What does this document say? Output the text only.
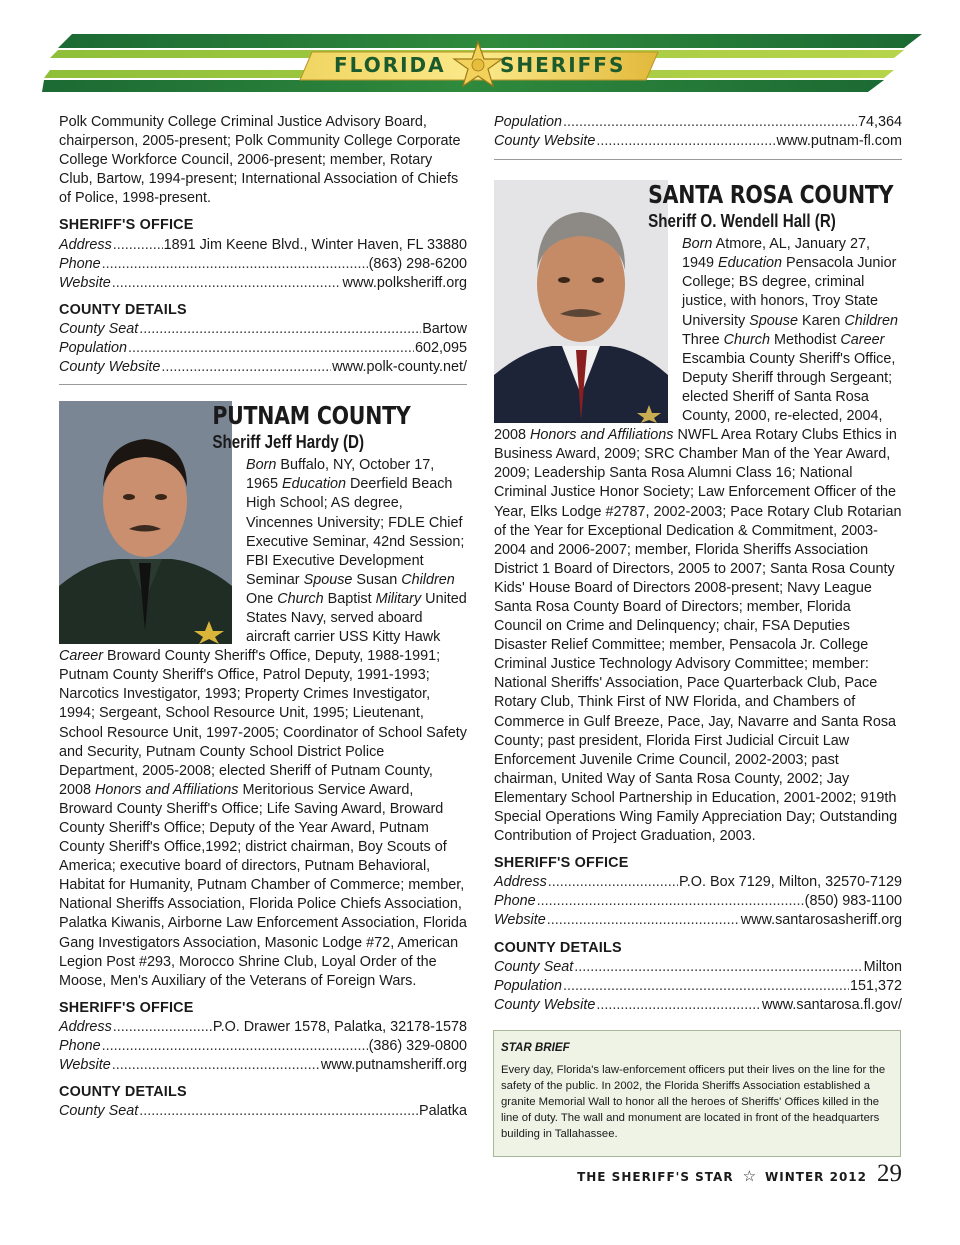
FLORIDA	SHERIFFS

Polk Community College Criminal Justice Advisory Board, chairperson, 2005-present; Polk Community College Corporate College Workforce Council, 2006-present; member, Rotary Club, Bartow, 1994-present; International Association of Chiefs of Police, 1998-present.

SHERIFF'S OFFICE
Address .....	1891 Jim Keene Blvd., Winter Haven, FL 33880
Phone .....	(863) 298-6200
Website .....	www.polksheriff.org
COUNTY DETAILS
County Seat .....	Bartow
Population .....	602,095
County Website .....	www.polk-county.net/
PUTNAM COUNTY
Sheriff Jeff Hardy (D)

Born Buffalo, NY, October 17, 1965 Education Deerfield Beach High School; AS degree, Vincennes University; FDLE Chief Executive Seminar, 42nd Session; FBI Executive Development Seminar Spouse Susan Children One Church Baptist Military United States Navy, served aboard aircraft carrier USS Kitty Hawk Career Broward County Sheriff's Office, Deputy, 1988-1991; Putnam County Sheriff's Office, Patrol Deputy, 1991-1993; Narcotics Investigator, 1993; Property Crimes Investigator, 1994; Sergeant, School Resource Unit, 1995; Lieutenant, School Resource Unit, 1997-2005; Coordinator of School Safety and Security, Putnam County School District Police Department, 2005-2008; elected Sheriff of Putnam County, 2008 Honors and Affiliations Meritorious Service Award, Broward County Sheriff's Office; Life Saving Award, Broward County Sheriff's Office; Deputy of the Year Award, Putnam County Sheriff's Office,1992; district chairman, Boy Scouts of America; executive board of directors, Putnam Behavioral, Habitat for Humanity, Putnam Chamber of Commerce; member, National Sheriffs Association, Florida Police Chiefs Association, Palatka Kiwanis, Airborne Law Enforcement Association, Florida Gang Investigators Association, Masonic Lodge #72, American Legion Post #293, Morocco Shrine Club, Loyal Order of the Moose, Men's Auxiliary of the Veterans of Foreign Wars.

SHERIFF'S OFFICE
Address .....	P.O. Drawer 1578, Palatka, 32178-1578
Phone .....	(386) 329-0800
Website .....	www.putnamsheriff.org
COUNTY DETAILS
County Seat .....	Palatka
Population .....	74,364
County Website .....	www.putnam-fl.com
SANTA ROSA COUNTY
Sheriff O. Wendell Hall (R)

Born Atmore, AL, January 27, 1949 Education Pensacola Junior College; BS degree, criminal justice, with honors, Troy State University Spouse Karen Children Three Church Methodist Career Escambia County Sheriff's Office, Deputy Sheriff through Sergeant; elected Sheriff of Santa Rosa County, 2000, re-elected, 2004, 2008 Honors and Affiliations NWFL Area Rotary Clubs Ethics in Business Award, 2009; SRC Chamber Man of the Year Award, 2009; Leadership Santa Rosa Alumni Class 16; National Criminal Justice Honor Society; Law Enforcement Officer of the Year, Elks Lodge #2787, 2002-2003; Pace Rotary Club Rotarian of the Year for Exceptional Dedication & Commitment, 2003-2004 and 2006-2007; member, Florida Sheriffs Association District 1 Board of Directors, 2005 to 2007; Santa Rosa County Kids' House Board of Directors 2008-present; Navy League Santa Rosa County Board of Directors; member, Florida Council on Crime and Delinquency; chair, FSA Deputies Disaster Relief Committee; member, Pensacola Jr. College Criminal Justice Technology Advisory Committee; member: National Sheriffs' Association, Pace Quarterback Club, Pace Rotary Club, Think First of NW Florida, and Chambers of Commerce in Gulf Breeze, Pace, Jay, Navarre and Santa Rosa County; past president, Florida First Judicial Circuit Law Enforcement Juvenile Crime Council, 2002-2003; past chairman, United Way of Santa Rosa County, 2002; Jay Elementary School Partnership in Education, 2001-2002; 919th Special Operations Wing Family Appreciation Day; Outstanding Contribution of Project Graduation, 2003.

SHERIFF'S OFFICE
Address .....	P.O. Box 7129, Milton, 32570-7129
Phone .....	(850) 983-1100
Website .....	www.santarosasheriff.org
COUNTY DETAILS
County Seat .....	Milton
Population .....	151,372
County Website .....	www.santarosa.fl.gov/
STAR BRIEF
Every day, Florida's law-enforcement officers put their lives on the line for the safety of the public. In 2002, the Florida Sheriffs Association established a granite Memorial Wall to honor all the heroes of Sheriffs' Offices killed in the line of duty. The wall and monument are located in front of the headquarters building in Tallahassee.
THE SHERIFF'S STAR ☆ WINTER 2012 29
